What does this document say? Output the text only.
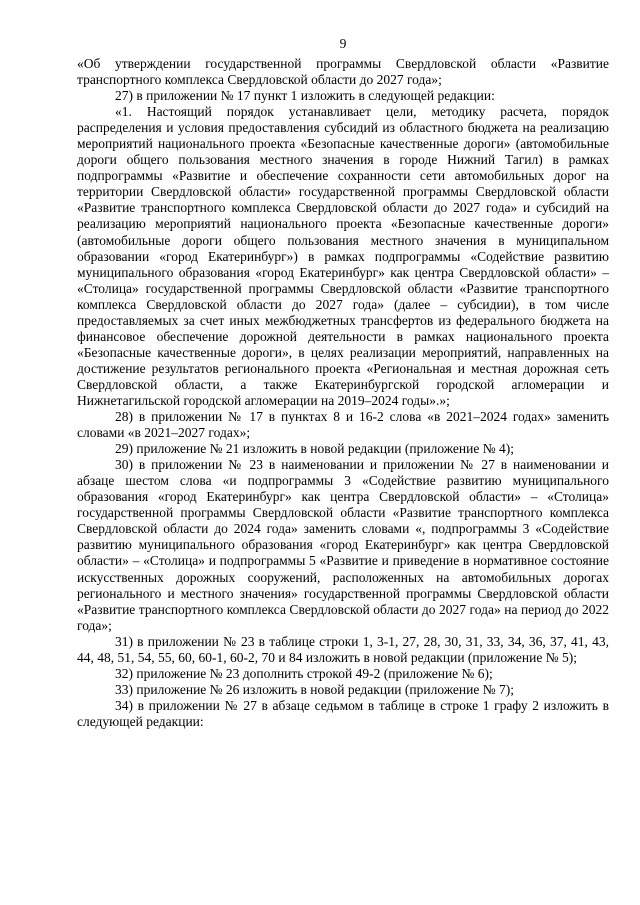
9

«Об утверждении государственной программы Свердловской области «Развитие транспортного комплекса Свердловской области до 2027 года»;

27) в приложении № 17 пункт 1 изложить в следующей редакции:

«1. Настоящий порядок устанавливает цели, методику расчета, порядок распределения и условия предоставления субсидий из областного бюджета на реализацию мероприятий национального проекта «Безопасные качественные дороги» (автомобильные дороги общего пользования местного значения в городе Нижний Тагил) в рамках подпрограммы «Развитие и обеспечение сохранности сети автомобильных дорог на территории Свердловской области» государственной программы Свердловской области «Развитие транспортного комплекса Свердловской области до 2027 года» и субсидий на реализацию мероприятий национального проекта «Безопасные качественные дороги» (автомобильные дороги общего пользования местного значения в муниципальном образовании «город Екатеринбург») в рамках подпрограммы «Содействие развитию муниципального образования «город Екатеринбург» как центра Свердловской области» – «Столица» государственной программы Свердловской области «Развитие транспортного комплекса Свердловской области до 2027 года» (далее – субсидии), в том числе предоставляемых за счет иных межбюджетных трансфертов из федерального бюджета на финансовое обеспечение дорожной деятельности в рамках национального проекта «Безопасные качественные дороги», в целях реализации мероприятий, направленных на достижение результатов регионального проекта «Региональная и местная дорожная сеть Свердловской области, а также Екатеринбургской городской агломерации и Нижнетагильской городской агломерации на 2019–2024 годы».»;

28) в приложении № 17 в пунктах 8 и 16-2 слова «в 2021–2024 годах» заменить словами «в 2021–2027 годах»;

29) приложение № 21 изложить в новой редакции (приложение № 4);

30) в приложении № 23 в наименовании и приложении № 27 в наименовании и абзаце шестом слова «и подпрограммы 3 «Содействие развитию муниципального образования «город Екатеринбург» как центра Свердловской области» – «Столица» государственной программы Свердловской области «Развитие транспортного комплекса Свердловской области до 2024 года» заменить словами «, подпрограммы 3 «Содействие развитию муниципального образования «город Екатеринбург» как центра Свердловской области» – «Столица» и подпрограммы 5 «Развитие и приведение в нормативное состояние искусственных дорожных сооружений, расположенных на автомобильных дорогах регионального и местного значения» государственной программы Свердловской области «Развитие транспортного комплекса Свердловской области до 2027 года» на период до 2022 года»;

31) в приложении № 23 в таблице строки 1, 3-1, 27, 28, 30, 31, 33, 34, 36, 37, 41, 43, 44, 48, 51, 54, 55, 60, 60-1, 60-2, 70 и 84 изложить в новой редакции (приложение № 5);

32) приложение № 23 дополнить строкой 49-2 (приложение № 6);

33) приложение № 26 изложить в новой редакции (приложение № 7);

34) в приложении № 27 в абзаце седьмом в таблице в строке 1 графу 2 изложить в следующей редакции:
